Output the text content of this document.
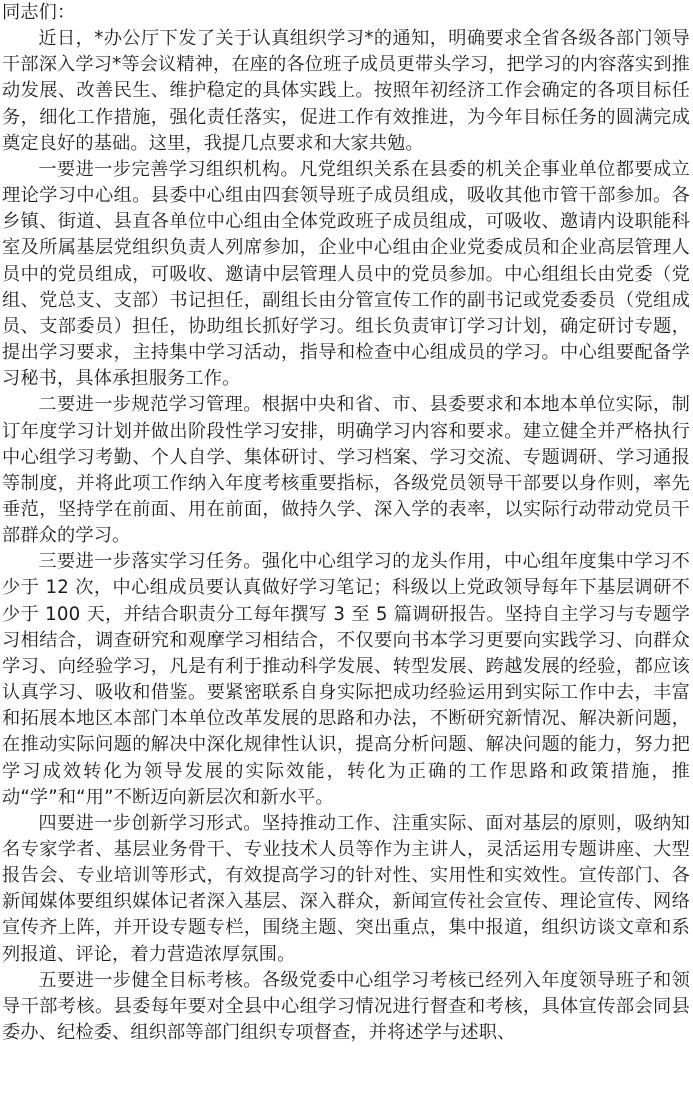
同志们：

近日，*办公厅下发了关于认真组织学习*的通知，明确要求全省各级各部门领导干部深入学习*等会议精神，在座的各位班子成员更带头学习，把学习的内容落实到推动发展、改善民生、维护稳定的具体实践上。按照年初经济工作会确定的各项目标任务，细化工作措施，强化责任落实，促进工作有效推进，为今年目标任务的圆满完成奠定良好的基础。这里，我提几点要求和大家共勉。

一要进一步完善学习组织机构。凡党组织关系在县委的机关企事业单位都要成立理论学习中心组。县委中心组由四套领导班子成员组成，吸收其他市管干部参加。各乡镇、街道、县直各单位中心组由全体党政班子成员组成，可吸收、邀请内设职能科室及所属基层党组织负责人列席参加，企业中心组由企业党委成员和企业高层管理人员中的党员组成，可吸收、邀请中层管理人员中的党员参加。中心组组长由党委（党组、党总支、支部）书记担任，副组长由分管宣传工作的副书记或党委委员（党组成员、支部委员）担任，协助组长抓好学习。组长负责审订学习计划，确定研讨专题，提出学习要求，主持集中学习活动，指导和检查中心组成员的学习。中心组要配备学习秘书，具体承担服务工作。

二要进一步规范学习管理。根据中央和省、市、县委要求和本地本单位实际，制订年度学习计划并做出阶段性学习安排，明确学习内容和要求。建立健全并严格执行中心组学习考勤、个人自学、集体研讨、学习档案、学习交流、专题调研、学习通报等制度，并将此项工作纳入年度考核重要指标，各级党员领导干部要以身作则，率先垂范，坚持学在前面、用在前面，做持久学、深入学的表率，以实际行动带动党员干部群众的学习。

三要进一步落实学习任务。强化中心组学习的龙头作用，中心组年度集中学习不少于 12 次，中心组成员要认真做好学习笔记；科级以上党政领导每年下基层调研不少于 100 天，并结合职责分工每年撰写 3 至 5 篇调研报告。坚持自主学习与专题学习相结合，调查研究和观摩学习相结合，不仅要向书本学习更要向实践学习、向群众学习、向经验学习，凡是有利于推动科学发展、转型发展、跨越发展的经验，都应该认真学习、吸收和借鉴。要紧密联系自身实际把成功经验运用到实际工作中去，丰富和拓展本地区本部门本单位改革发展的思路和办法，不断研究新情况、解决新问题，在推动实际问题的解决中深化规律性认识，提高分析问题、解决问题的能力，努力把学习成效转化为领导发展的实际效能，转化为正确的工作思路和政策措施，推动“学”和“用”不断迈向新层次和新水平。

四要进一步创新学习形式。坚持推动工作、注重实际、面对基层的原则，吸纳知名专家学者、基层业务骨干、专业技术人员等作为主讲人，灵活运用专题讲座、大型报告会、专业培训等形式，有效提高学习的针对性、实用性和实效性。宣传部门、各新闻媒体要组织媒体记者深入基层、深入群众，新闻宣传社会宣传、理论宣传、网络宣传齐上阵，并开设专题专栏，围绕主题、突出重点，集中报道，组织访谈文章和系列报道、评论，着力营造浓厚氛围。

五要进一步健全目标考核。各级党委中心组学习考核已经列入年度领导班子和领导干部考核。县委每年要对全县中心组学习情况进行督查和考核，具体宣传部会同县委办、纪检委、组织部等部门组织专项督查，并将述学与述职、
